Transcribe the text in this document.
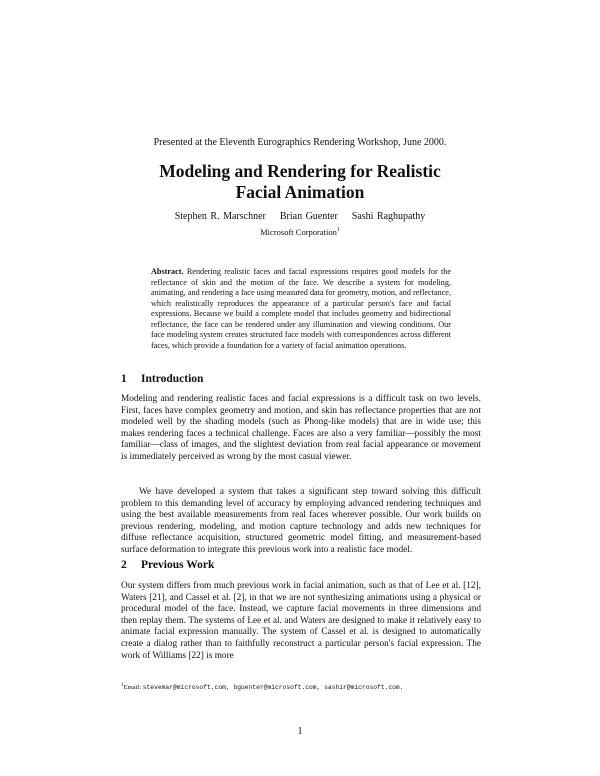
Presented at the Eleventh Eurographics Rendering Workshop, June 2000.
Modeling and Rendering for Realistic
Facial Animation
Stephen R. Marschner    Brian Guenter    Sashi Raghupathy
Microsoft Corporation$^1$
Abstract. Rendering realistic faces and facial expressions requires good models for the reflectance of skin and the motion of the face. We describe a system for modeling, animating, and rendering a face using measured data for geometry, motion, and reflectance, which realistically reproduces the appearance of a particular person's face and facial expressions. Because we build a complete model that includes geometry and bidirectional reflectance, the face can be rendered under any illumination and viewing conditions. Our face modeling system creates structured face models with correspondences across different faces, which provide a foundation for a variety of facial animation operations.
1 Introduction
Modeling and rendering realistic faces and facial expressions is a difficult task on two levels. First, faces have complex geometry and motion, and skin has reflectance properties that are not modeled well by the shading models (such as Phong-like models) that are in wide use; this makes rendering faces a technical challenge. Faces are also a very familiar—possibly the most familiar—class of images, and the slightest deviation from real facial appearance or movement is immediately perceived as wrong by the most casual viewer.
We have developed a system that takes a significant step toward solving this difficult problem to this demanding level of accuracy by employing advanced rendering techniques and using the best available measurements from real faces wherever possible. Our work builds on previous rendering, modeling, and motion capture technology and adds new techniques for diffuse reflectance acquisition, structured geometric model fitting, and measurement-based surface deformation to integrate this previous work into a realistic face model.
2 Previous Work
Our system differs from much previous work in facial animation, such as that of Lee et al. [12], Waters [21], and Cassel et al. [2], in that we are not synthesizing animations using a physical or procedural model of the face. Instead, we capture facial movements in three dimensions and then replay them. The systems of Lee et al. and Waters are designed to make it relatively easy to animate facial expression manually. The system of Cassel et al. is designed to automatically create a dialog rather than to faithfully reconstruct a particular person's facial expression. The work of Williams [22] is more
$^1$Email: stevemar@microsoft.com, bguenter@microsoft.com, sashir@microsoft.com.
1
